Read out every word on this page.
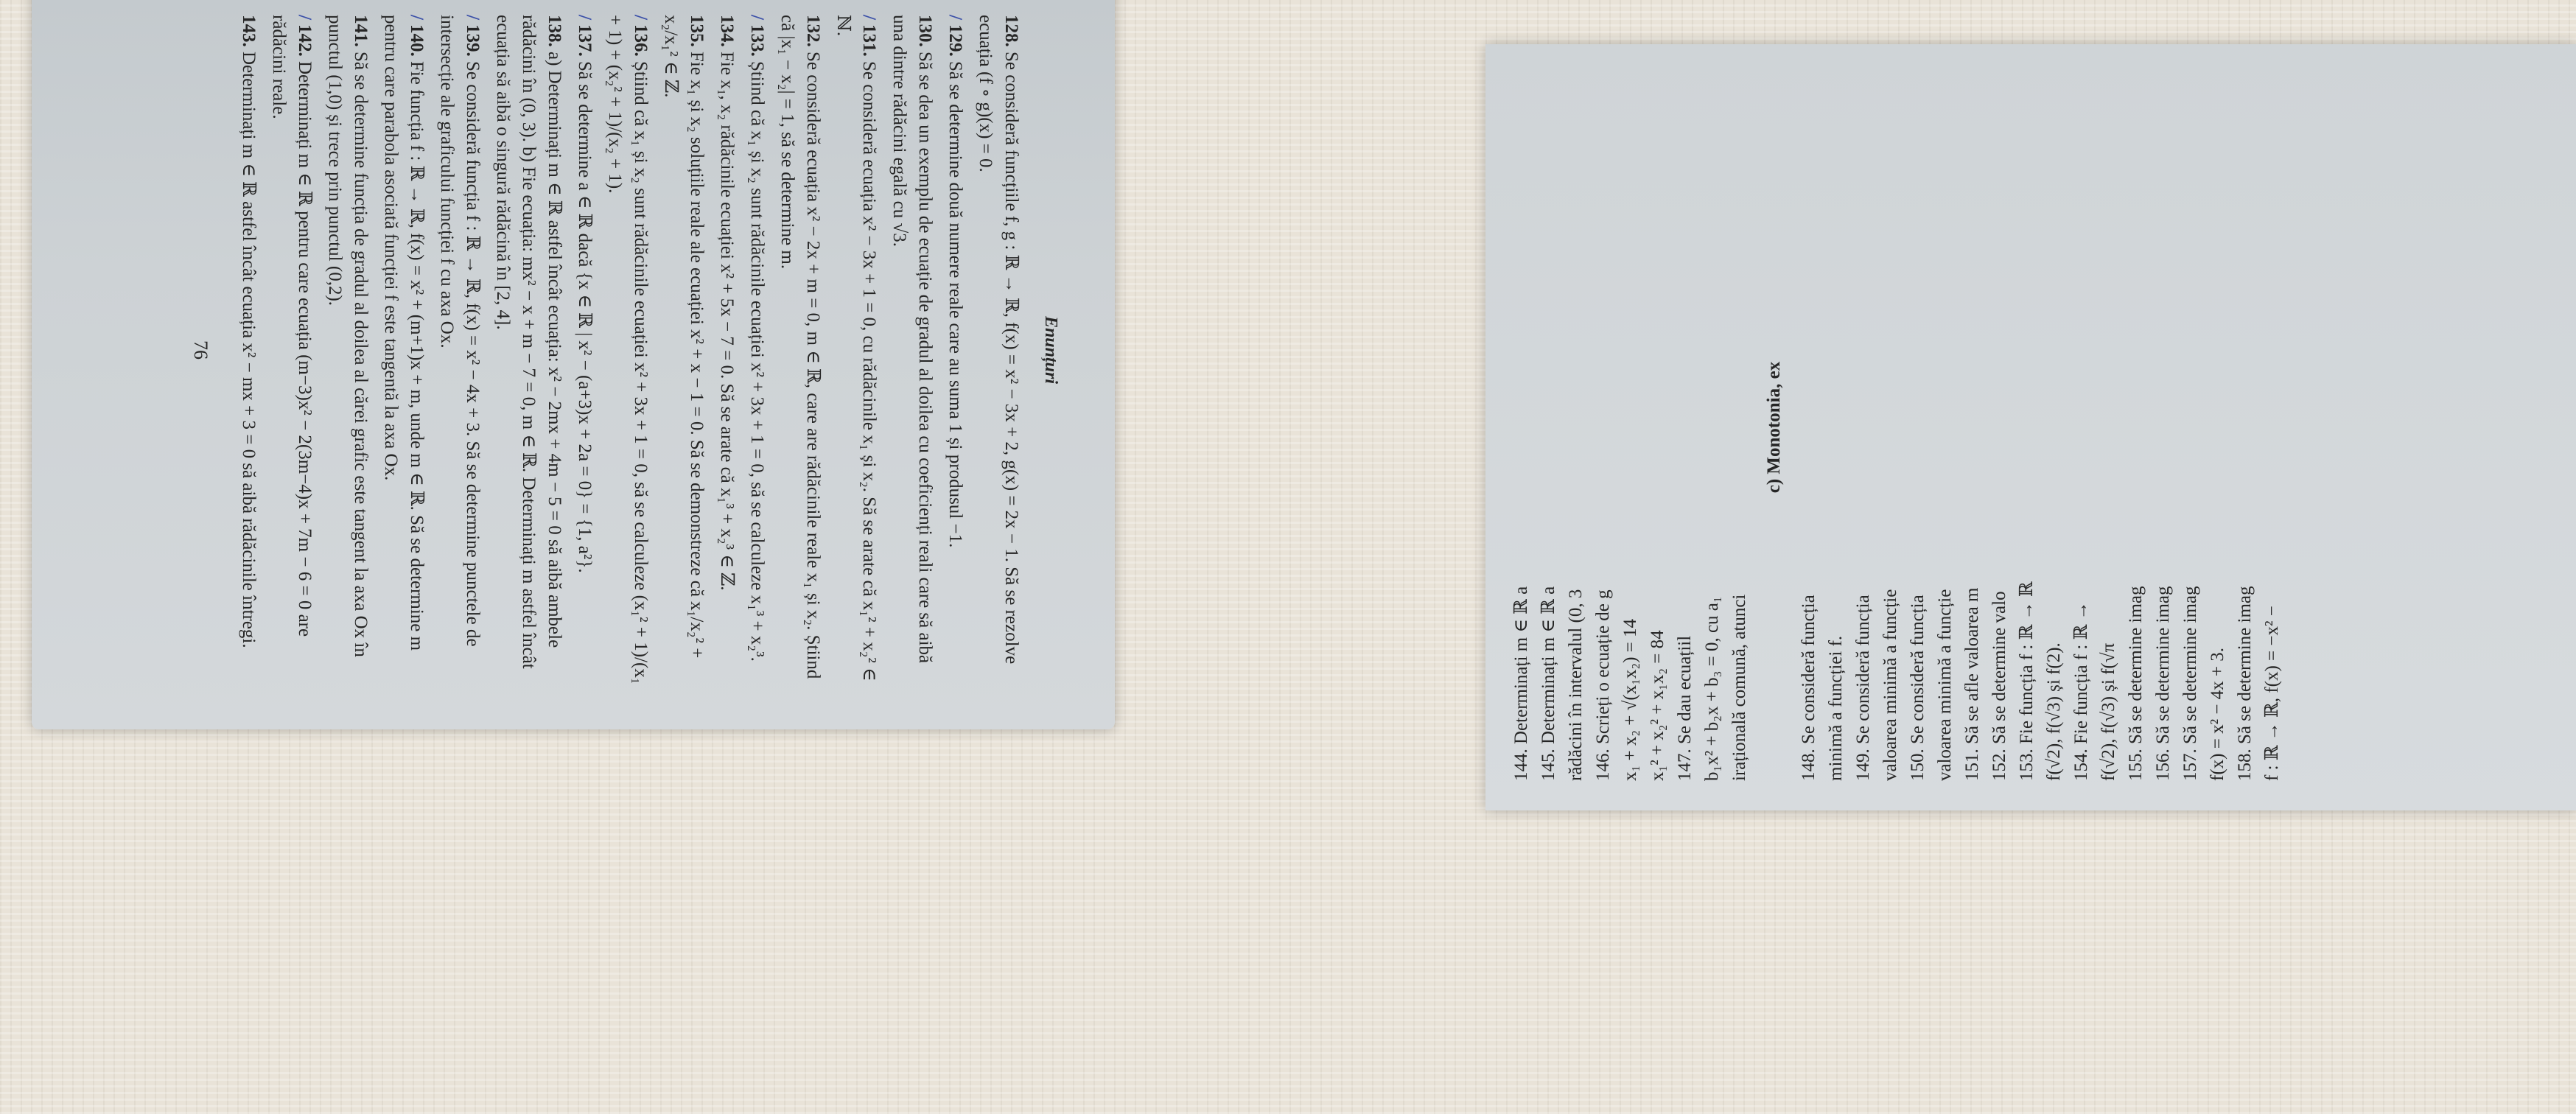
Enunțuri

128. Se consideră funcțiile f, g : ℝ → ℝ, f(x) = x² − 3x + 2, g(x) = 2x − 1. Să se rezolve ecuația (f ∘ g)(x) = 0.

/129. Să se determine două numere reale care au suma 1 și produsul −1.

130. Să se dea un exemplu de ecuație de gradul al doilea cu coeficienți reali care să aibă una dintre rădăcini egală cu √3.

/131. Se consideră ecuația x² − 3x + 1 = 0, cu rădăcinile x₁ și x₂. Să se arate că x₁² + x₂² ∈ ℕ.

132. Se consideră ecuația x² − 2x + m = 0, m ∈ ℝ, care are rădăcinile reale x₁ și x₂. Știind că |x₁ − x₂| = 1, să se determine m.

/133. Știind că x₁ și x₂ sunt rădăcinile ecuației x² + 3x + 1 = 0, să se calculeze x₁³ + x₂³.

134. Fie x₁, x₂ rădăcinile ecuației x² + 5x − 7 = 0. Să se arate că x₁³ + x₂³ ∈ ℤ.

135. Fie x₁ și x₂ soluțiile reale ale ecuației x² + x − 1 = 0. Să se demonstreze că x₁/x₂² + x₂/x₁² ∈ ℤ.

/136. Știind că x₁ și x₂ sunt rădăcinile ecuației x² + 3x + 1 = 0, să se calculeze (x₁² + 1)/(x₁ + 1) + (x₂² + 1)/(x₂ + 1).

/137. Să se determine a ∈ ℝ dacă {x ∈ ℝ | x² − (a+3)x + 2a = 0} = {1, a²}.

138. a) Determinați m ∈ ℝ astfel încât ecuația: x² − 2mx + 4m − 5 = 0 să aibă ambele rădăcini în (0, 3). b) Fie ecuația: mx² − x + m − 7 = 0, m ∈ ℝ. Determinați m astfel încât ecuația să aibă o singură rădăcină în [2, 4].

/139. Se consideră funcția f : ℝ → ℝ, f(x) = x² − 4x + 3. Să se determine punctele de intersecție ale graficului funcției f cu axa Ox.

/140. Fie funcția f : ℝ → ℝ, f(x) = x² + (m+1)x + m, unde m ∈ ℝ. Să se determine m pentru care parabola asociată funcției f este tangentă la axa Ox.

141. Să se determine funcția de gradul al doilea al cărei grafic este tangent la axa Ox în punctul (1,0) și trece prin punctul (0,2).

/142. Determinați m ∈ ℝ pentru care ecuația (m−3)x² − 2(3m−4)x + 7m − 6 = 0 are rădăcini reale.

143. Determinați m ∈ ℝ astfel încât ecuația x² − mx + 3 = 0 să aibă rădăcinile întregi.

76
144. Determinați m ∈ ℝ a 145. Determinați m ∈ ℝ a rădăcini în intervalul (0, 3 146. Scrieți o ecuație de g x₁ + x₂ + √(x₁x₂) = 14 x₁² + x₂² + x₁x₂ = 84 147. Se dau ecuațiil b₁x² + b₂x + b₃ = 0, cu a₁ irațională comună, atunci
c) Monotonia, ex
148. Se consideră funcția minimă a funcției f. 149. Se consideră funcția valoarea minimă a funcție 150. Se consideră funcția valoarea minimă a funcție 151. Să se afle valoarea m 152. Să se determine valo 153. Fie funcția f : ℝ → ℝ f(√2), f(√3) și f(2). 154. Fie funcția f : ℝ → f(√2), f(√3) și f(√π 155. Să se determine imag 156. Să se determine imag 157. Să se determine imag f(x) = x² − 4x + 3. 158. Să se determine imag f : ℝ → ℝ, f(x) = −x² −
